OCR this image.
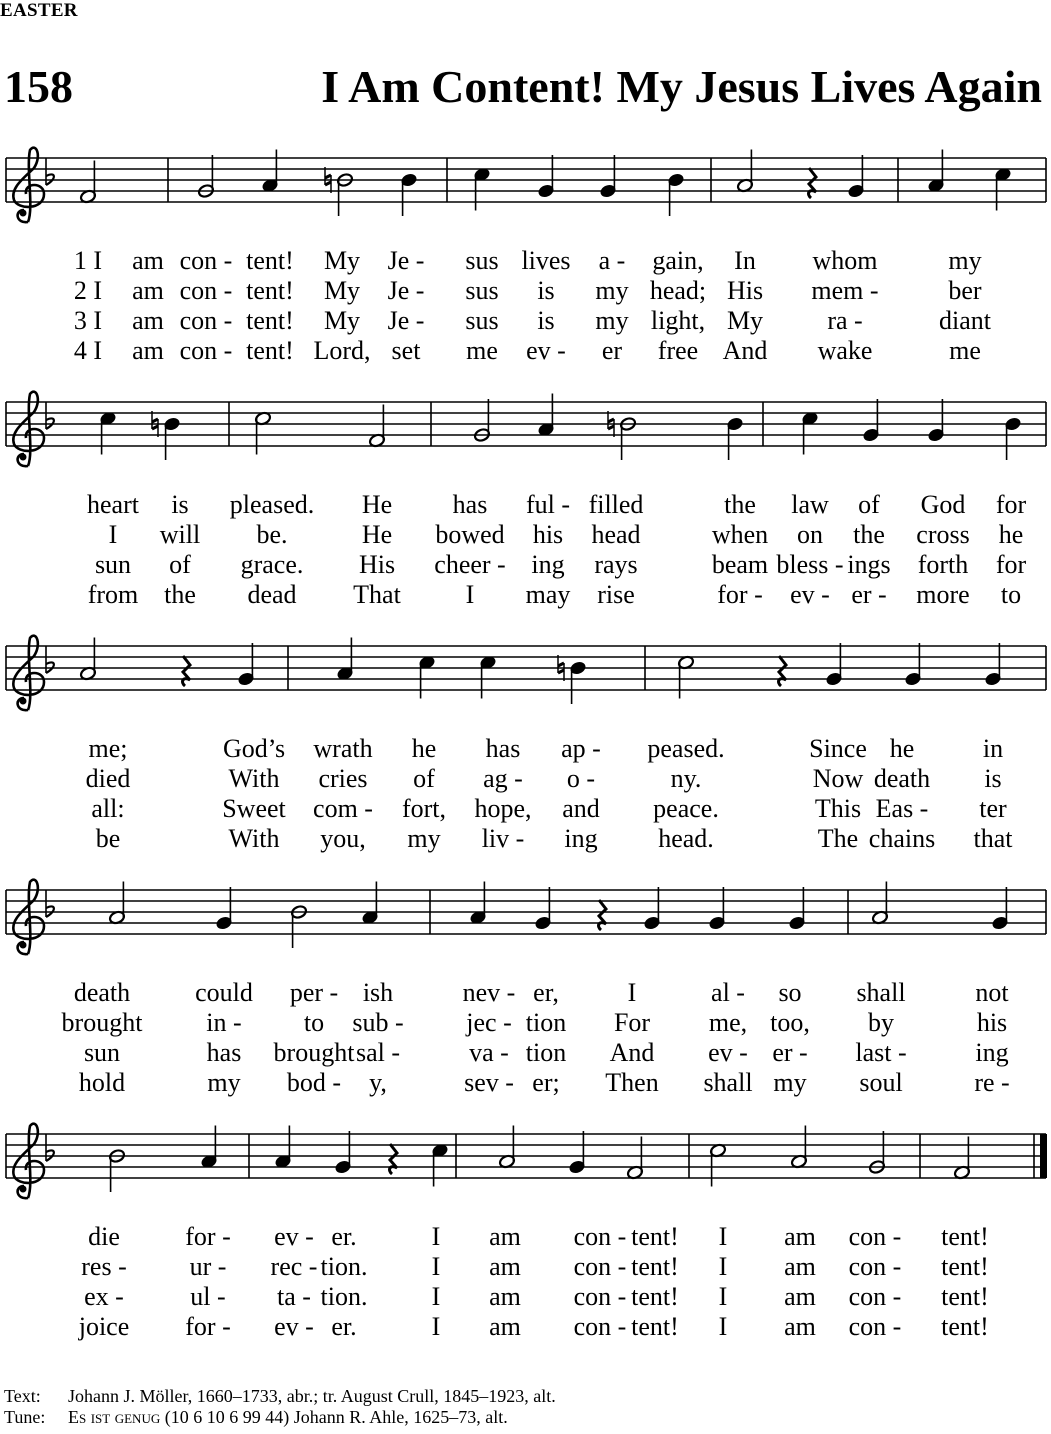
EASTER
158	I Am Content! My Jesus Lives Again
1 I am con - tent! My Je - sus lives a - gain, In whom	my
2 I am con - tent! My Je - sus is my head; His mem -	ber
3 I am con - tent! My Je - sus is my light, My ra -	diant
4 I am con - tent! Lord, set me ev - er free And wake	me
heart is pleased. He has ful - filled	the law of God for
I will be.	He bowed his head	when on the cross he
sun of grace. His cheer - ing rays	beam bless - ings forth for
from the dead That I may rise	for - ev - er - more to
me;	God’s wrath he has ap - peased.	Since he	in
died	With cries of ag - o -	ny.	Now death is
all:	Sweet com - fort, hope, and peace.	This Eas - ter
be	With you, my liv - ing head.	The chains that
death could per - ish	nev - er,	I	al - so shall	not
brought in - to sub - jec - tion For me, too, by	his
sun	has brought sal -	va - tion And ev - er - last -	ing
hold	my bod - y,	sev - er; Then shall my soul	re -
die	for - ev - er.	I am con - tent! I am con - tent!
res - ur - rec - tion. I am con - tent! I am con - tent!
ex -	ul - ta - tion. I am con - tent! I am con - tent!
joice for - ev - er.	I am con - tent! I am con - tent!
Text: Johann J. Möller, 1660–1733, abr.; tr. August Crull, 1845–1923, alt.
Tune: Es ist genug (10 6 10 6 99 44) Johann R. Ahle, 1625–73, alt.
